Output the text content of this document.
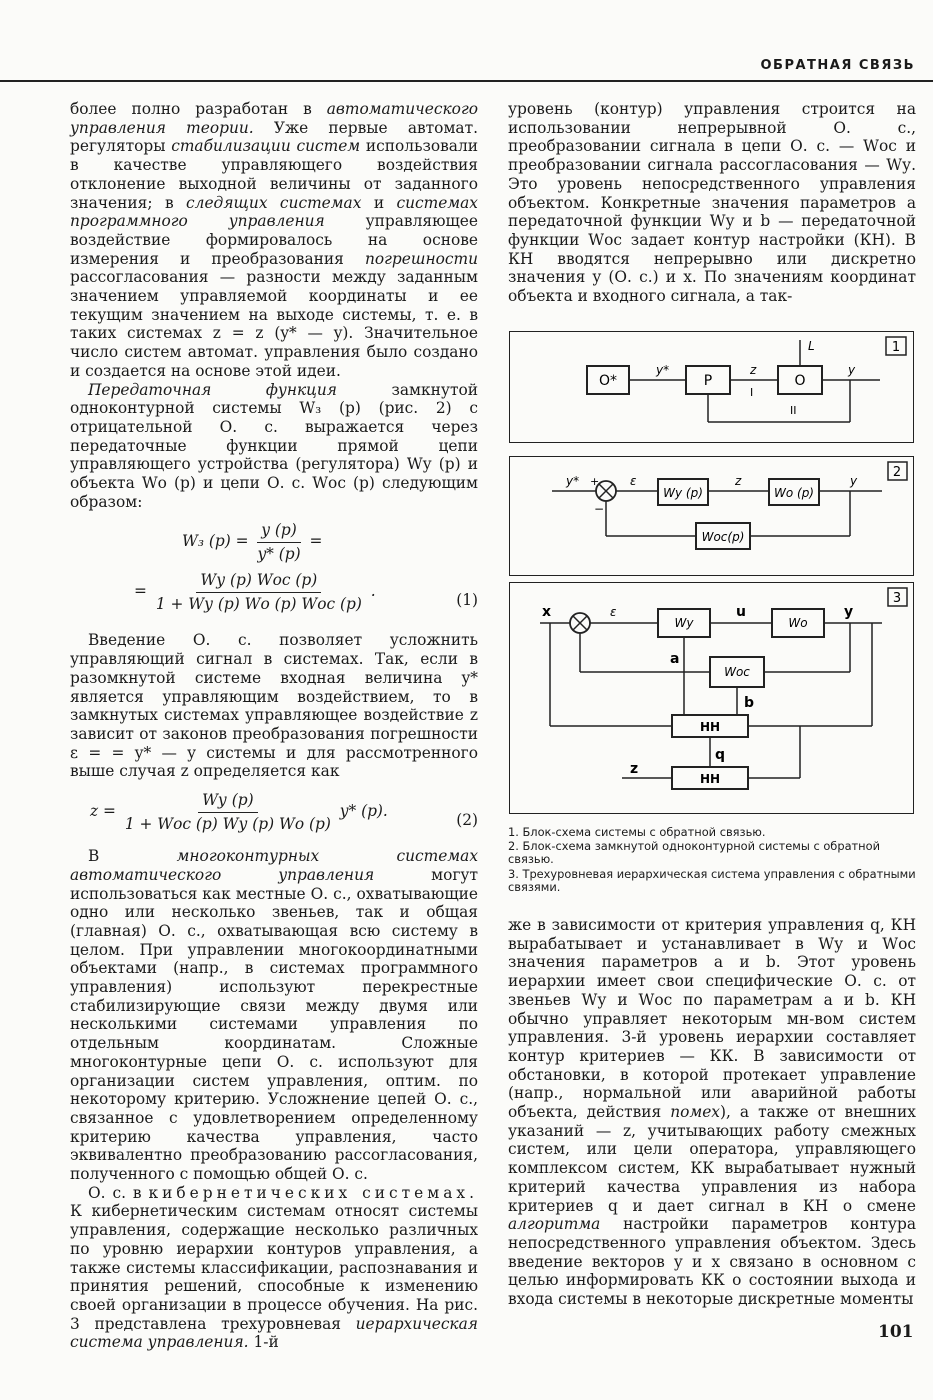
ОБРАТНАЯ СВЯЗЬ

более полно разработан в автоматического управления теории. Уже первые автомат. регуляторы стабилизации систем использовали в качестве управляющего воздействия отклонение выходной величины от заданного значения; в следящих системах и системах программного управления управляющее воздействие формировалось на основе измерения и преобразования погрешности рассогласования — разности между заданным значением управляемой координаты и ее текущим значением на выходе системы, т. е. в таких системах z = z (y* — y). Значительное число систем автомат. управления было создано и создается на основе этой идеи.

Передаточная функция замкнутой одноконтурной системы W₃ (p) (рис. 2) с отрицательной О. с. выражается через передаточные функции прямой цепи управляющего устройства (регулятора) Wу (p) и объекта Wо (p) и цепи О. с. Wос (p) следующим образом:

W₃ $(p) = \frac{y (p)}{y* (p)}$ =
= $\frac{\text{Wу (p) Wос (p)}}{\text{1 + Wу (p) Wо (p) Wос (p)}}$ .	(1)

Введение О. с. позволяет усложнить управляющий сигнал в системах. Так, если в разомкнутой системе входная величина y* является управляющим воздействием, то в замкнутых системах управляющее воздействие z зависит от законов преобразования погрешности ε = = y* — y системы и для рассмотренного выше случая z определяется как

$z = \frac{Wу (p)}{\text{1 + Wос (p) Wу (p) Wо (p)}} y*$ (p).	(2)

В многоконтурных системах автоматического управления могут использоваться как местные О. с., охватывающие одно или несколько звеньев, так и общая (главная) О. с., охватывающая всю систему в целом. При управлении многокоординатными объектами (напр., в системах программного управления) используют перекрестные стабилизирующие связи между двумя или несколькими системами управления по отдельным координатам. Сложные многоконтурные цепи О. с. используют для организации систем управления, оптим. по некоторому критерию. Усложнение цепей О. с., связанное с удовлетворением определенному критерию качества управления, часто эквивалентно преобразованию рассогласования, полученного с помощью общей О. с.

О. с. в кибернетических системах. К кибернетическим системам относят системы управления, содержащие несколько различных по уровню иерархии контуров управления, а также системы классификации, распознавания и принятия решений, способные к изменению своей организации в процессе обучения. На рис. 3 представлена трехуровневая иерархическая система управления. 1-й

уровень (контур) управления строится на использовании непрерывной О. с., преобразовании сигнала в цепи О. с. — Wос и преобразовании сигнала рассогласования — Wу. Это уровень непосредственного управления объектом. Конкретные значения параметров a передаточной функции Wу и b — передаточной функции Wос задает контур настройки (КН). В КН вводятся непрерывно или дискретно значения y (О. с.) и x. По значениям координат объекта и входного сигнала, а так-

1
O*	P	O
y*	z	y
L
I
II
2
Wy (p)	Wo (p)
Woc(p)
y* +
−
ε	z	y
3
Wy	Wo
Woc
HH
HH
x	ε	u	y
a
b
q
z
1. Блок-схема системы с обратной связью.
2. Блок-схема замкнутой одноконтурной системы с обратной связью.
3. Трехуровневая иерархическая система управления с обратными связями.

же в зависимости от критерия управления q, КН вырабатывает и устанавливает в Wу и Wос значения параметров a и b. Этот уровень иерархии имеет свои специфические О. с. от звеньев Wу и Wос по параметрам a и b. КН обычно управляет некоторым мн-вом систем управления. 3-й уровень иерархии составляет контур критериев — КК. В зависимости от обстановки, в которой протекает управление (напр., нормальной или аварийной работы объекта, действия помех), а также от внешних указаний — z, учитывающих работу смежных систем, или цели оператора, управляющего комплексом систем, КК вырабатывает нужный критерий качества управления из набора критериев q и дает сигнал в КН о смене алгоритма настройки параметров контура непосредственного управления объектом. Здесь введение векторов y и x связано в основном с целью информировать КК о состоянии выхода и входа системы в некоторые дискретные моменты

101
